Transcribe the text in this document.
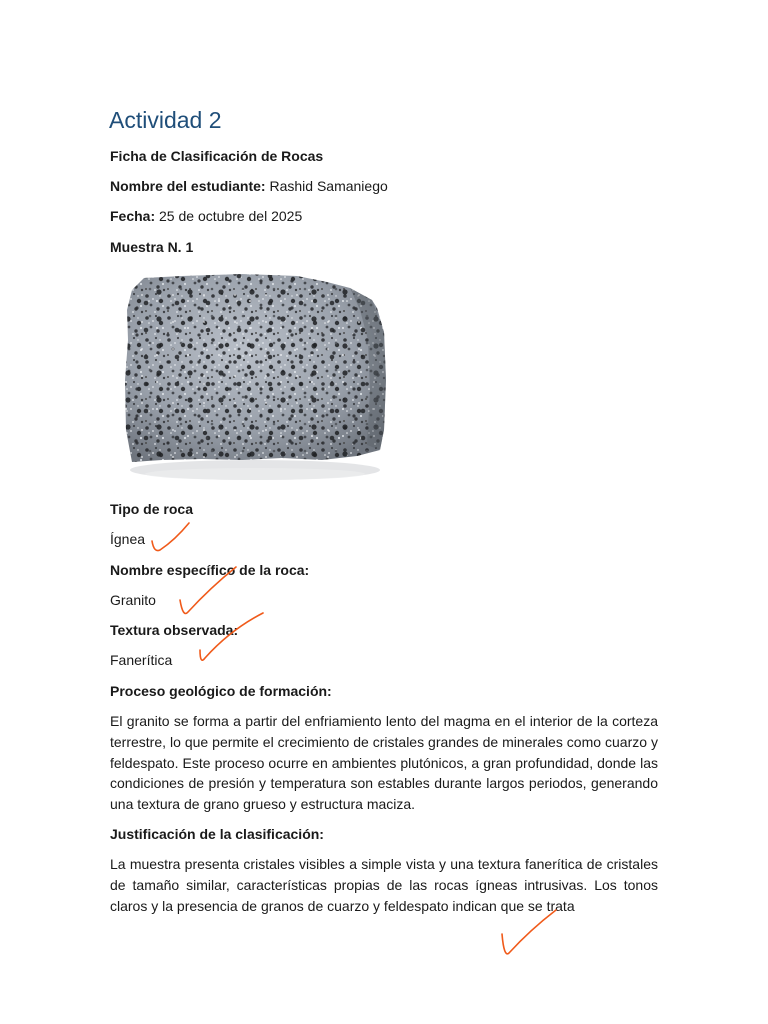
Actividad 2
Ficha de Clasificación de Rocas
Nombre del estudiante: Rashid Samaniego
Fecha: 25 de octubre del 2025
Muestra N. 1
Tipo de roca
Ígnea
Nombre específico de la roca:
Granito
Textura observada:
Fanerítica
Proceso geológico de formación:

El granito se forma a partir del enfriamiento lento del magma en el interior de la corteza terrestre, lo que permite el crecimiento de cristales grandes de minerales como cuarzo y feldespato. Este proceso ocurre en ambientes plutónicos, a gran profundidad, donde las condiciones de presión y temperatura son estables durante largos periodos, generando una textura de grano grueso y estructura maciza.

Justificación de la clasificación:

La muestra presenta cristales visibles a simple vista y una textura fanerítica de cristales de tamaño similar, características propias de las rocas ígneas intrusivas. Los tonos claros y la presencia de granos de cuarzo y feldespato indican que se trata
